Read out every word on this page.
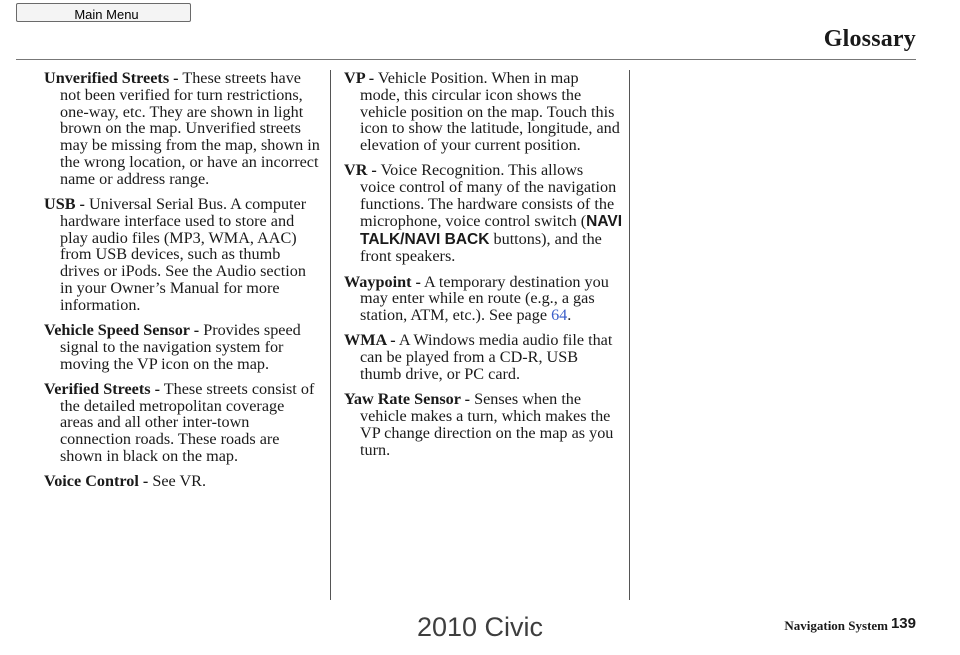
Main Menu
Glossary

Unverified Streets - These streets have not been verified for turn restrictions, one-way, etc. They are shown in light brown on the map. Unverified streets may be missing from the map, shown in the wrong location, or have an incorrect name or address range.

USB - Universal Serial Bus. A computer hardware interface used to store and play audio files (MP3, WMA, AAC) from USB devices, such as thumb drives or iPods. See the Audio section in your Owner’s Manual for more information.

Vehicle Speed Sensor - Provides speed signal to the navigation system for moving the VP icon on the map.

Verified Streets - These streets consist of the detailed metropolitan coverage areas and all other inter-town connection roads. These roads are shown in black on the map.

Voice Control - See VR.

VP - Vehicle Position. When in map mode, this circular icon shows the vehicle position on the map. Touch this icon to show the latitude, longitude, and elevation of your current position.

VR - Voice Recognition. This allows voice control of many of the navigation functions. The hardware consists of the microphone, voice control switch (NAVI TALK/NAVI BACK buttons), and the front speakers.

Waypoint - A temporary destination you may enter while en route (e.g., a gas station, ATM, etc.). See page 64.

WMA - A Windows media audio file that can be played from a CD-R, USB thumb drive, or PC card.

Yaw Rate Sensor - Senses when the vehicle makes a turn, which makes the VP change direction on the map as you turn.

Navigation System 139
2010 Civic
